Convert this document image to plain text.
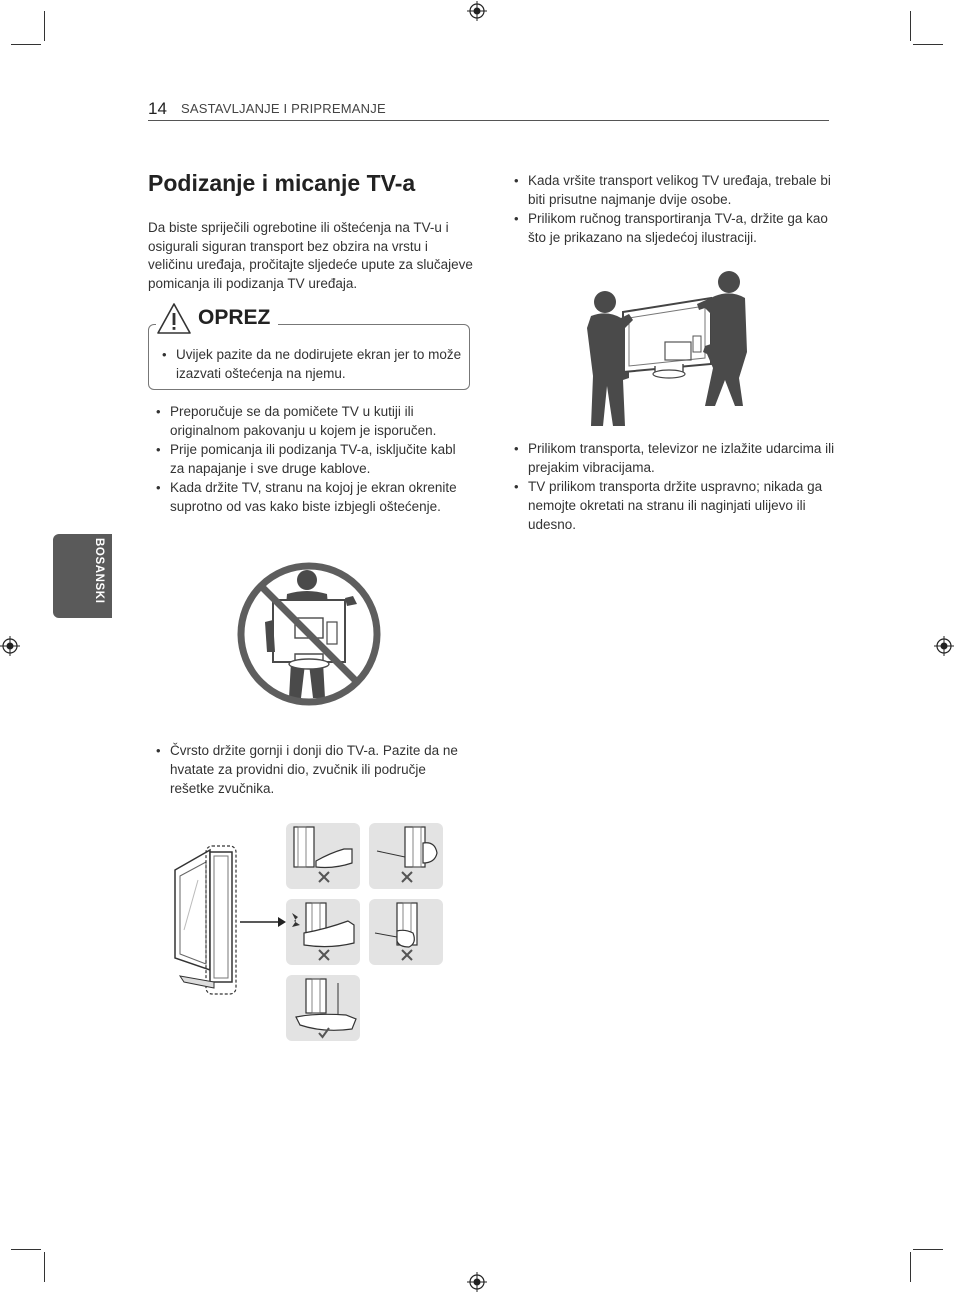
14 SASTAVLJANJE I PRIPREMANJE
BOSANSKI
Podizanje i micanje TV-a
Da biste spriječili ogrebotine ili oštećenja na TV-u i osigurali siguran transport bez obzira na vrstu i veličinu uređaja, pročitajte sljedeće upute za slučajeve pomicanja ili podizanja TV uređaja.
OPREZ
• Uvijek pazite da ne dodirujete ekran jer to može izazvati oštećenja na njemu.
• Preporučuje se da pomičete TV u kutiji ili originalnom pakovanju u kojem je isporučen.
• Prije pomicanja ili podizanja TV-a, isključite kabl za napajanje i sve druge kablove.
• Kada držite TV, stranu na kojoj je ekran okrenite suprotno od vas kako biste izbjegli oštećenje.
• Čvrsto držite gornji i donji dio TV-a. Pazite da ne hvatate za providni dio, zvučnik ili područje rešetke zvučnika.
• Kada vršite transport velikog TV uređaja, trebale bi biti prisutne najmanje dvije osobe.
• Prilikom ručnog transportiranja TV-a, držite ga kao što je prikazano na sljedećoj ilustraciji.
• Prilikom transporta, televizor ne izlažite udarcima ili prejakim vibracijama.
• TV prilikom transporta držite uspravno; nikada ga nemojte okretati na stranu ili naginjati ulijevo ili udesno.
